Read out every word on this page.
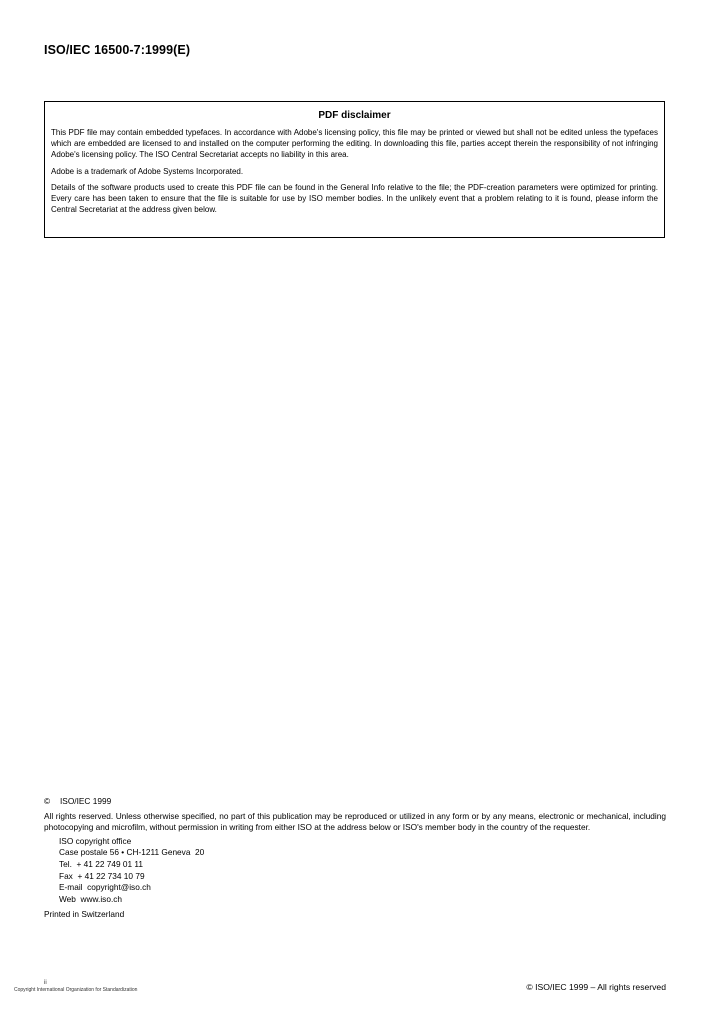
ISO/IEC 16500-7:1999(E)
PDF disclaimer

This PDF file may contain embedded typefaces. In accordance with Adobe's licensing policy, this file may be printed or viewed but shall not be edited unless the typefaces which are embedded are licensed to and installed on the computer performing the editing. In downloading this file, parties accept therein the responsibility of not infringing Adobe's licensing policy. The ISO Central Secretariat accepts no liability in this area.

Adobe is a trademark of Adobe Systems Incorporated.

Details of the software products used to create this PDF file can be found in the General Info relative to the file; the PDF-creation parameters were optimized for printing. Every care has been taken to ensure that the file is suitable for use by ISO member bodies. In the unlikely event that a problem relating to it is found, please inform the Central Secretariat at the address given below.

© ISO/IEC 1999
All rights reserved. Unless otherwise specified, no part of this publication may be reproduced or utilized in any form or by any means, electronic or mechanical, including photocopying and microfilm, without permission in writing from either ISO at the address below or ISO's member body in the country of the requester.
ISO copyright office
Case postale 56 • CH-1211 Geneva  20
Tel.  + 41 22 749 01 11
Fax  + 41 22 734 10 79
E-mail  copyright@iso.ch
Web  www.iso.ch
Printed in Switzerland
ii
Copyright International Organization for Standardization	© ISO/IEC 1999 – All rights reserved
